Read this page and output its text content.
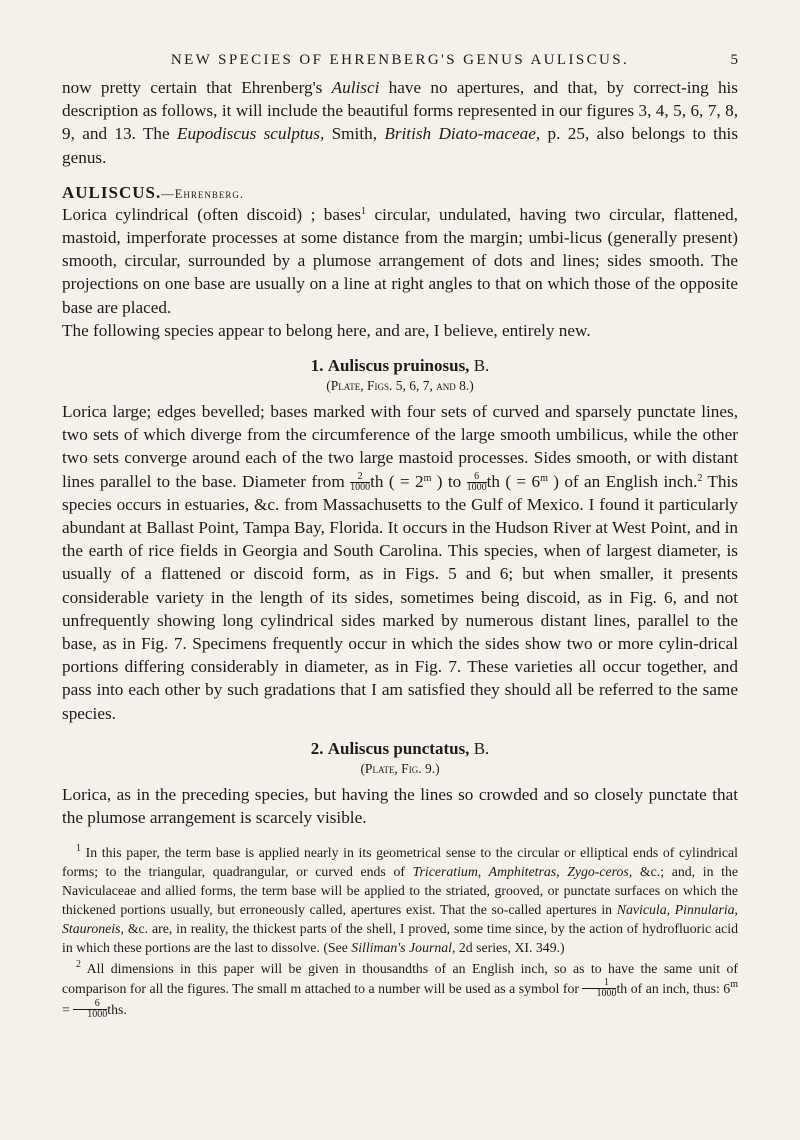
NEW SPECIES OF EHRENBERG'S GENUS AULISCUS.	5

now pretty certain that Ehrenberg's Aulisci have no apertures, and that, by correct-ing his description as follows, it will include the beautiful forms represented in our figures 3, 4, 5, 6, 7, 8, 9, and 13. The Eupodiscus sculptus, Smith, British Diato-maceae, p. 25, also belongs to this genus.

AULISCUS.—Ehrenberg.

Lorica cylindrical (often discoid) ; bases$^1$ circular, undulated, having two circular, flattened, mastoid, imperforate processes at some distance from the margin; umbi-licus (generally present) smooth, circular, surrounded by a plumose arrangement of dots and lines; sides smooth. The projections on one base are usually on a line at right angles to that on which those of the opposite base are placed.

The following species appear to belong here, and are, I believe, entirely new.

1. Auliscus pruinosus, B.
(Plate, Figs. 5, 6, 7, and 8.)

Lorica large; edges bevelled; bases marked with four sets of curved and sparsely punctate lines, two sets of which diverge from the circumference of the large smooth umbilicus, while the other two sets converge around each of the two large mastoid processes. Sides smooth, or with distant lines parallel to the base. Diameter from $\frac{2}{1000}$ th ( = $2^m$ ) to $\frac{6}{1000}$ th ( = $6^m$ ) of an English inch.$^2$ This species occurs in estuaries, &c. from Massachusetts to the Gulf of Mexico. I found it particularly abundant at Ballast Point, Tampa Bay, Florida. It occurs in the Hudson River at West Point, and in the earth of rice fields in Georgia and South Carolina. This species, when of largest diameter, is usually of a flattened or discoid form, as in Figs. 5 and 6; but when smaller, it presents considerable variety in the length of its sides, sometimes being discoid, as in Fig. 6, and not unfrequently showing long cylindrical sides marked by numerous distant lines, parallel to the base, as in Fig. 7. Specimens frequently occur in which the sides show two or more cylin-drical portions differing considerably in diameter, as in Fig. 7. These varieties all occur together, and pass into each other by such gradations that I am satisfied they should all be referred to the same species.

2. Auliscus punctatus, B.
(Plate, Fig. 9.)

Lorica, as in the preceding species, but having the lines so crowded and so closely punctate that the plumose arrangement is scarcely visible.

$^1$ In this paper, the term base is applied nearly in its geometrical sense to the circular or elliptical ends of cylindrical forms; to the triangular, quadrangular, or curved ends of Triceratium, Amphitetras, Zygo-ceros, &c.; and, in the Naviculaceae and allied forms, the term base will be applied to the striated, grooved, or punctate surfaces on which the thickened portions usually, but erroneously called, apertures exist. That the so-called apertures in Navicula, Pinnularia, Stauroneis, &c. are, in reality, the thickest parts of the shell, I proved, some time since, by the action of hydrofluoric acid in which these portions are the last to dissolve. (See Silliman's Journal, 2d series, XI. 349.)

$^2$ All dimensions in this paper will be given in thousandths of an English inch, so as to have the same unit of comparison for all the figures. The small m attached to a number will be used as a symbol for $\frac{1}{1000}$ th of an inch, thus: $6^m = \frac{6}{1000}$ ths.
